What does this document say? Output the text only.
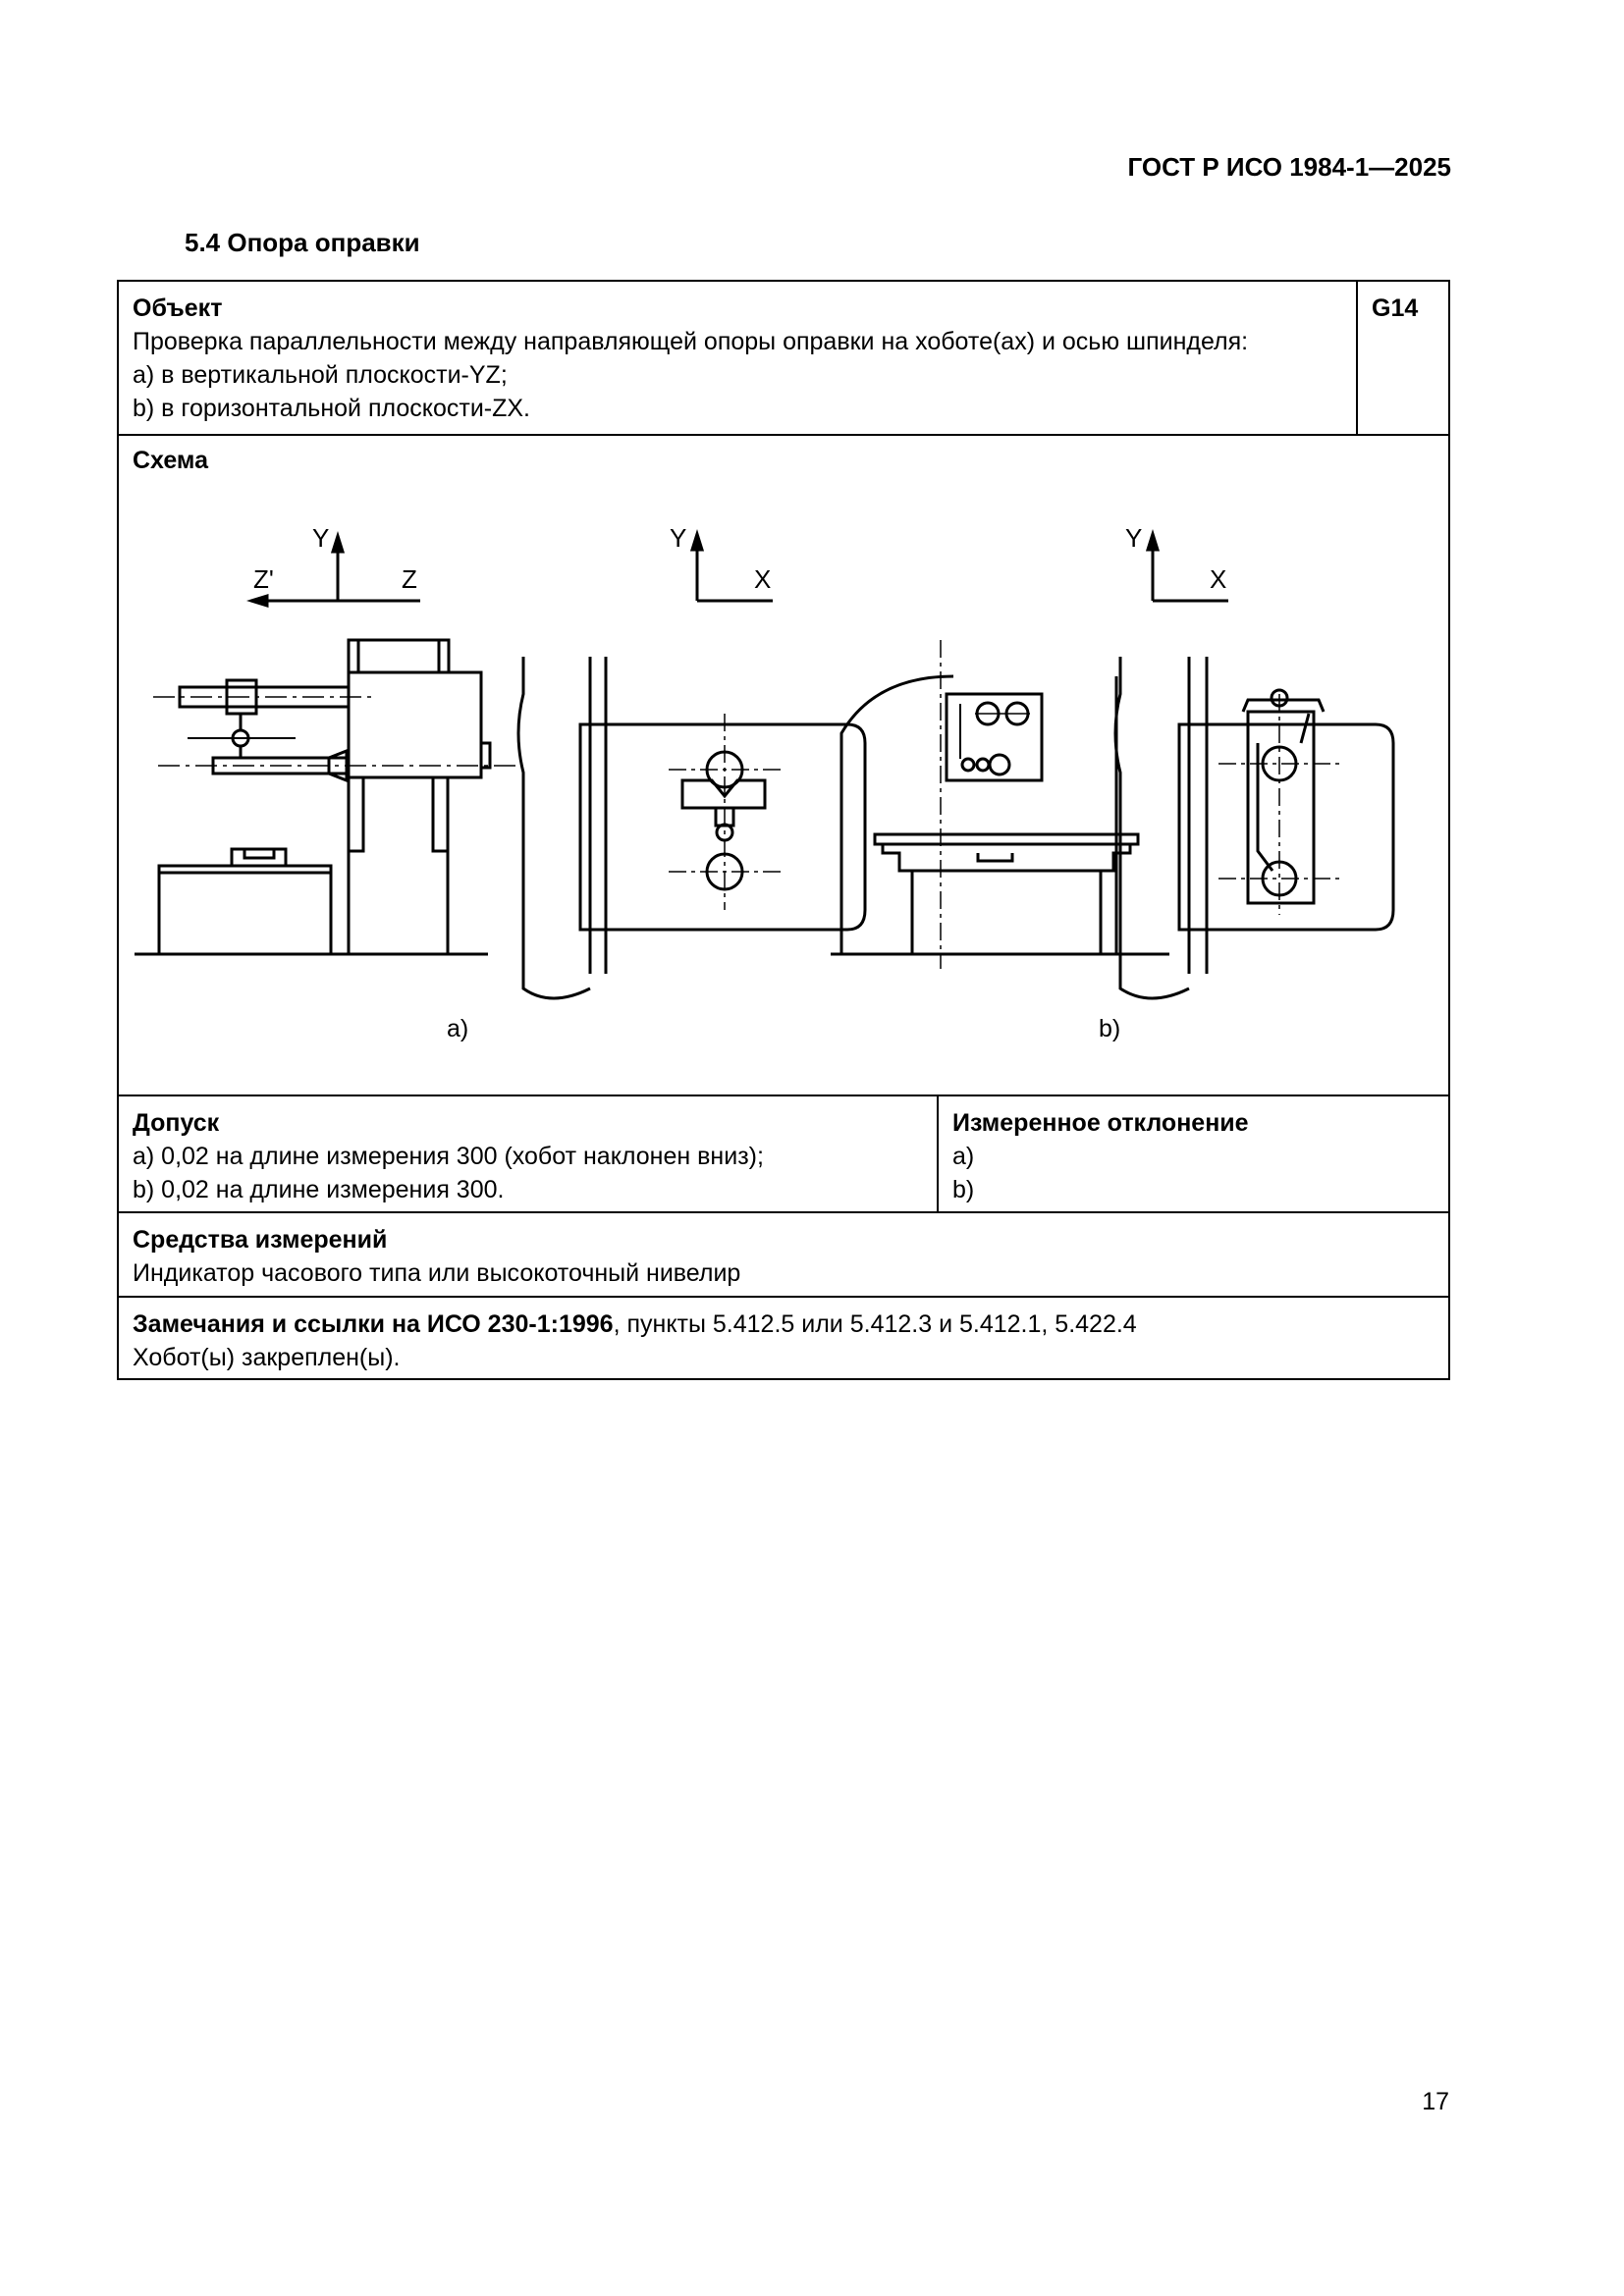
ГОСТ Р ИСО 1984-1—2025
5.4 Опора оправки
Объект
Проверка параллельности между направляющей опоры оправки на хоботе(ах) и осью шпинделя:
а) в вертикальной плоскости-YZ;
b) в горизонтальной плоскости-ZX.
G14
Схема
Y
Z'	Z
Y
X
Y
X
a)	b)
Допуск
а) 0,02 на длине измерения 300 (хобот наклонен вниз);
b) 0,02 на длине измерения 300.
Измеренное отклонение
а)
b)
Средства измерений
Индикатор часового типа или высокоточный нивелир
Замечания и ссылки на ИСО 230-1:1996, пункты 5.412.5 или 5.412.3 и 5.412.1, 5.422.4
Хобот(ы) закреплен(ы).
17
